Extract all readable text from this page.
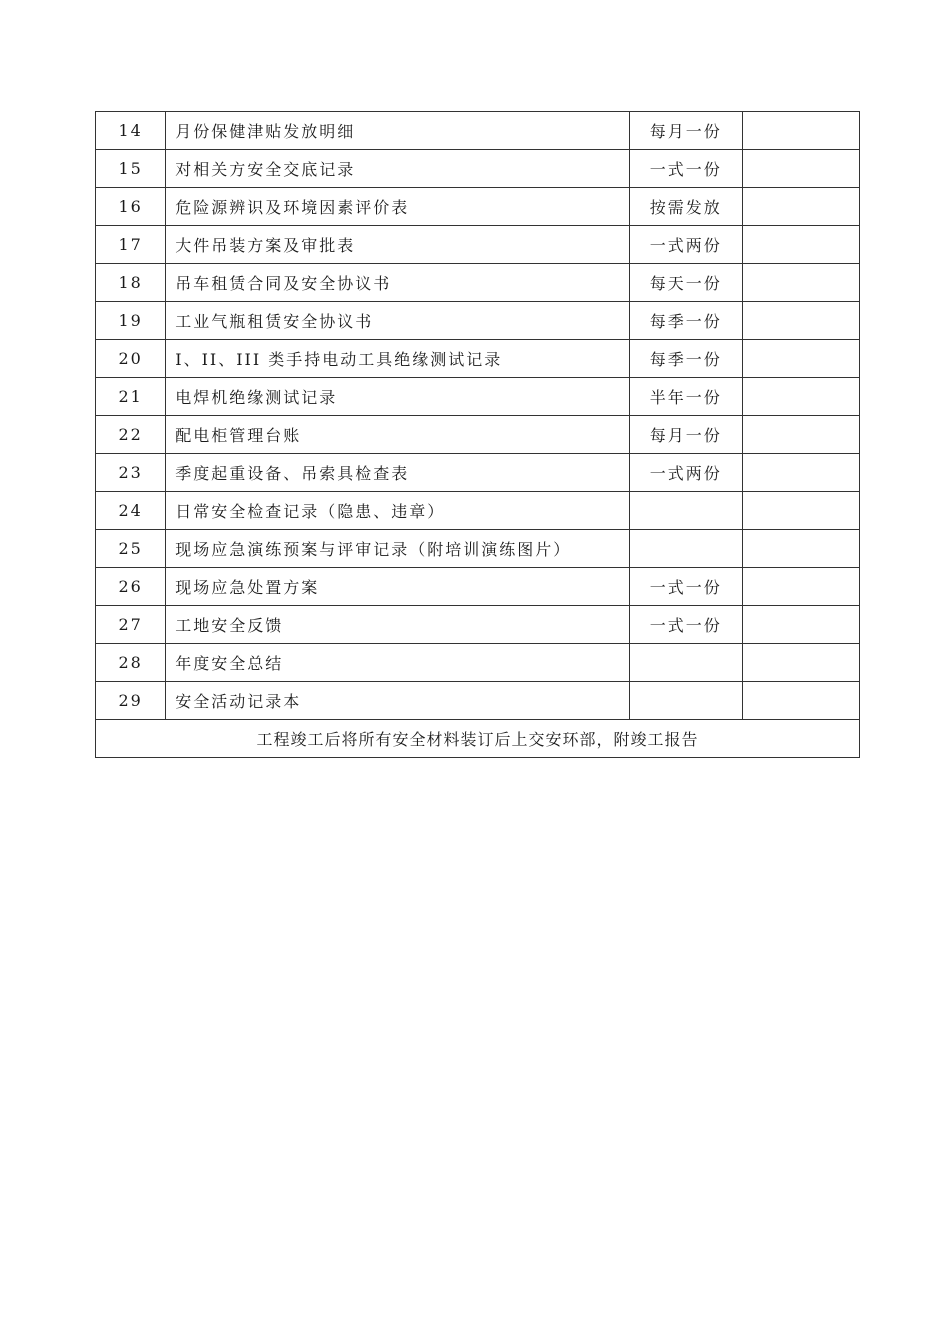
14	月份保健津贴发放明细	每月一份	
15	对相关方安全交底记录	一式一份	
16	危险源辨识及环境因素评价表	按需发放	
17	大件吊装方案及审批表	一式两份	
18	吊车租赁合同及安全协议书	每天一份	
19	工业气瓶租赁安全协议书	每季一份	
20	I、II、III 类手持电动工具绝缘测试记录	每季一份	
21	电焊机绝缘测试记录	半年一份	
22	配电柜管理台账	每月一份	
23	季度起重设备、吊索具检查表	一式两份	
24	日常安全检查记录（隐患、违章）		
25	现场应急演练预案与评审记录（附培训演练图片）		
26	现场应急处置方案	一式一份	
27	工地安全反馈	一式一份	
28	年度安全总结		
29	安全活动记录本		
工程竣工后将所有安全材料装订后上交安环部，附竣工报告			
